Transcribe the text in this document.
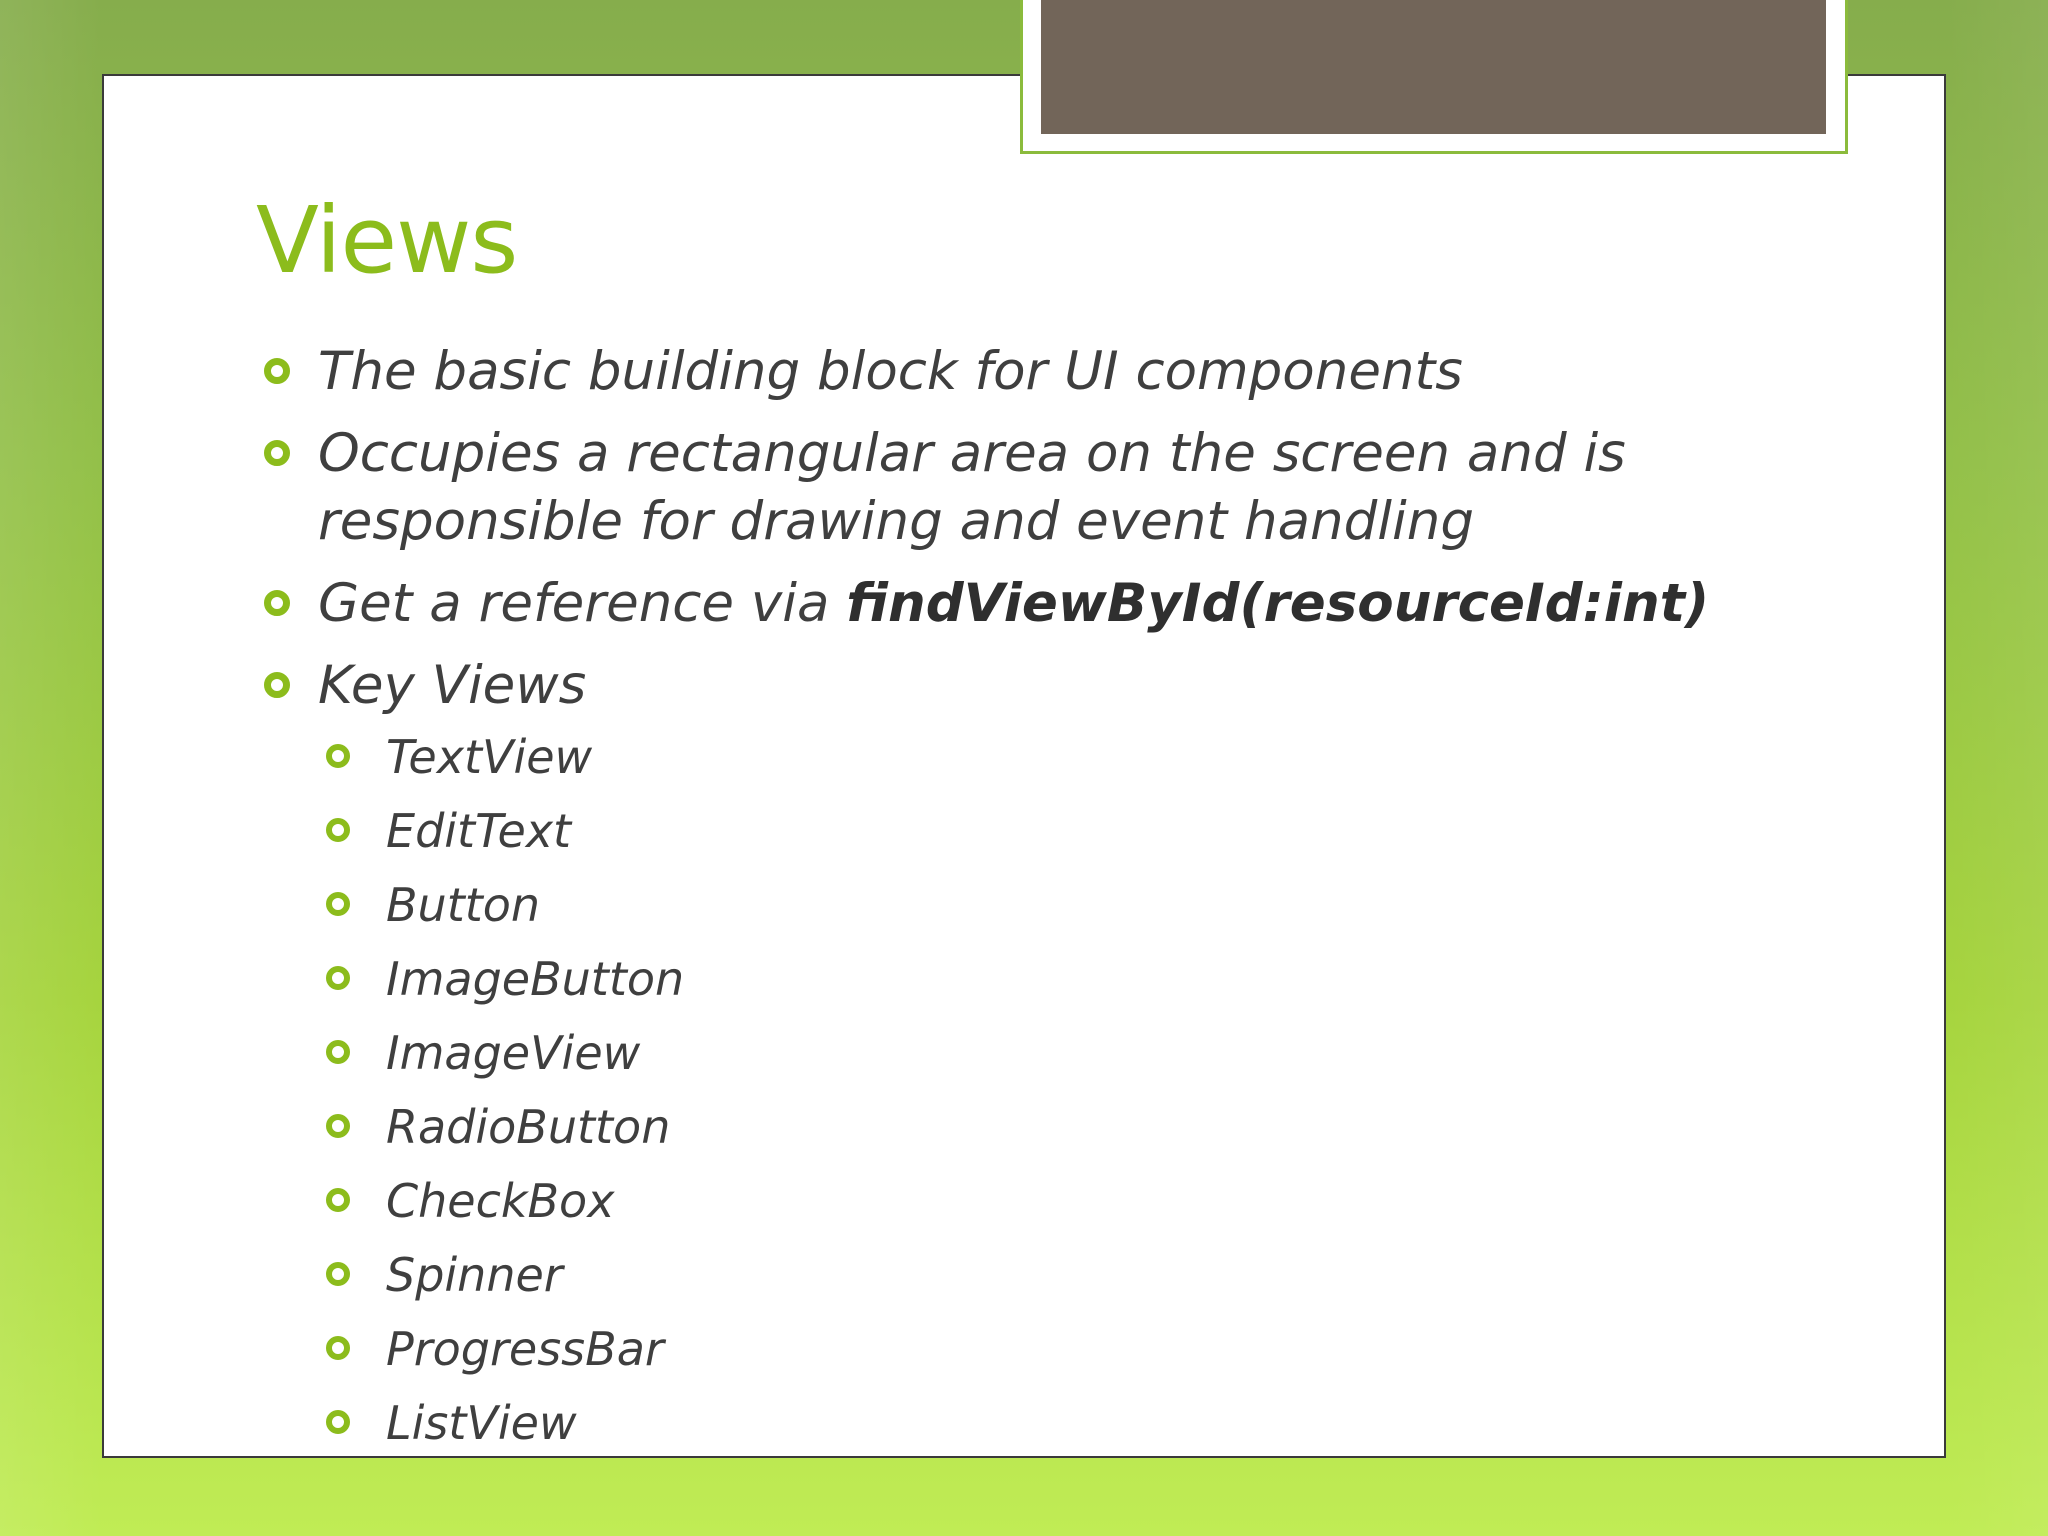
Views
The basic building block for UI components
Occupies a rectangular area on the screen and is responsible for drawing and event handling
Get a reference via findViewById(resourceId:int)
Key Views
TextView
EditText
Button
ImageButton
ImageView
RadioButton
CheckBox
Spinner
ProgressBar
ListView
